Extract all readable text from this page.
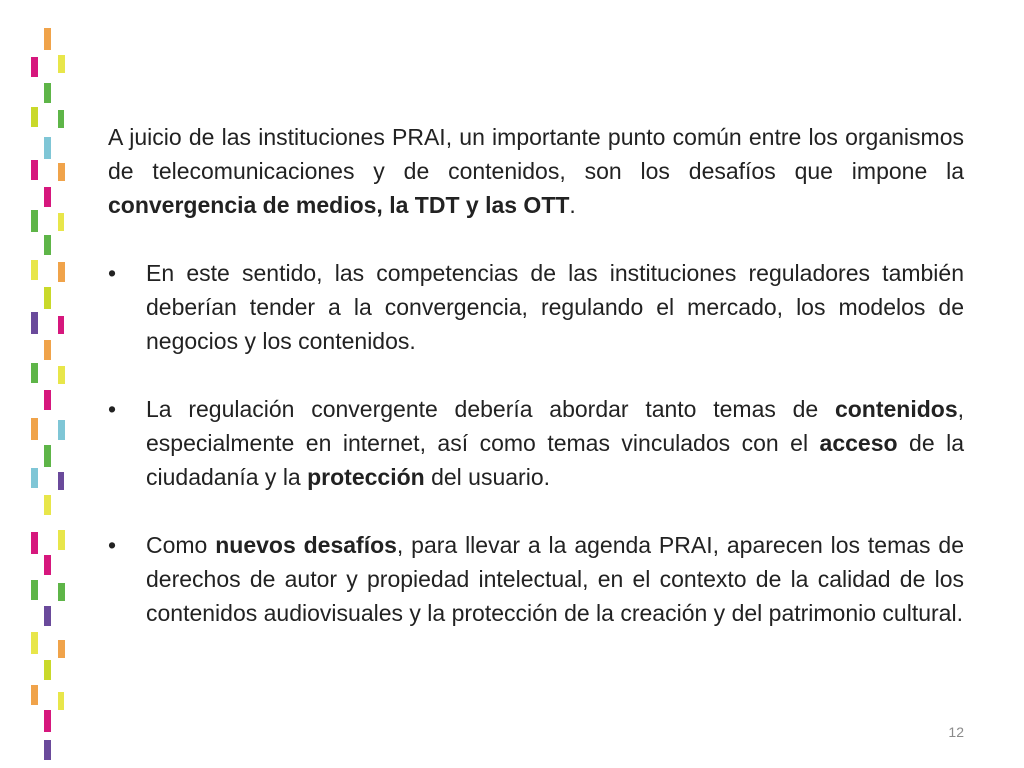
A juicio de las instituciones PRAI, un importante punto común entre los organismos de telecomunicaciones y de contenidos, son los desafíos que impone la convergencia de medios, la TDT y las OTT.

• En este sentido, las competencias de las instituciones reguladores también deberían tender a la convergencia, regulando el mercado, los modelos de negocios y los contenidos.
• La regulación convergente debería abordar tanto temas de contenidos, especialmente en internet, así como temas vinculados con el acceso de la ciudadanía y la protección del usuario.
• Como nuevos desafíos, para llevar a la agenda PRAI, aparecen los temas de derechos de autor y propiedad intelectual, en el contexto de la calidad de los contenidos audiovisuales y la protección de la creación y del patrimonio cultural.
12
